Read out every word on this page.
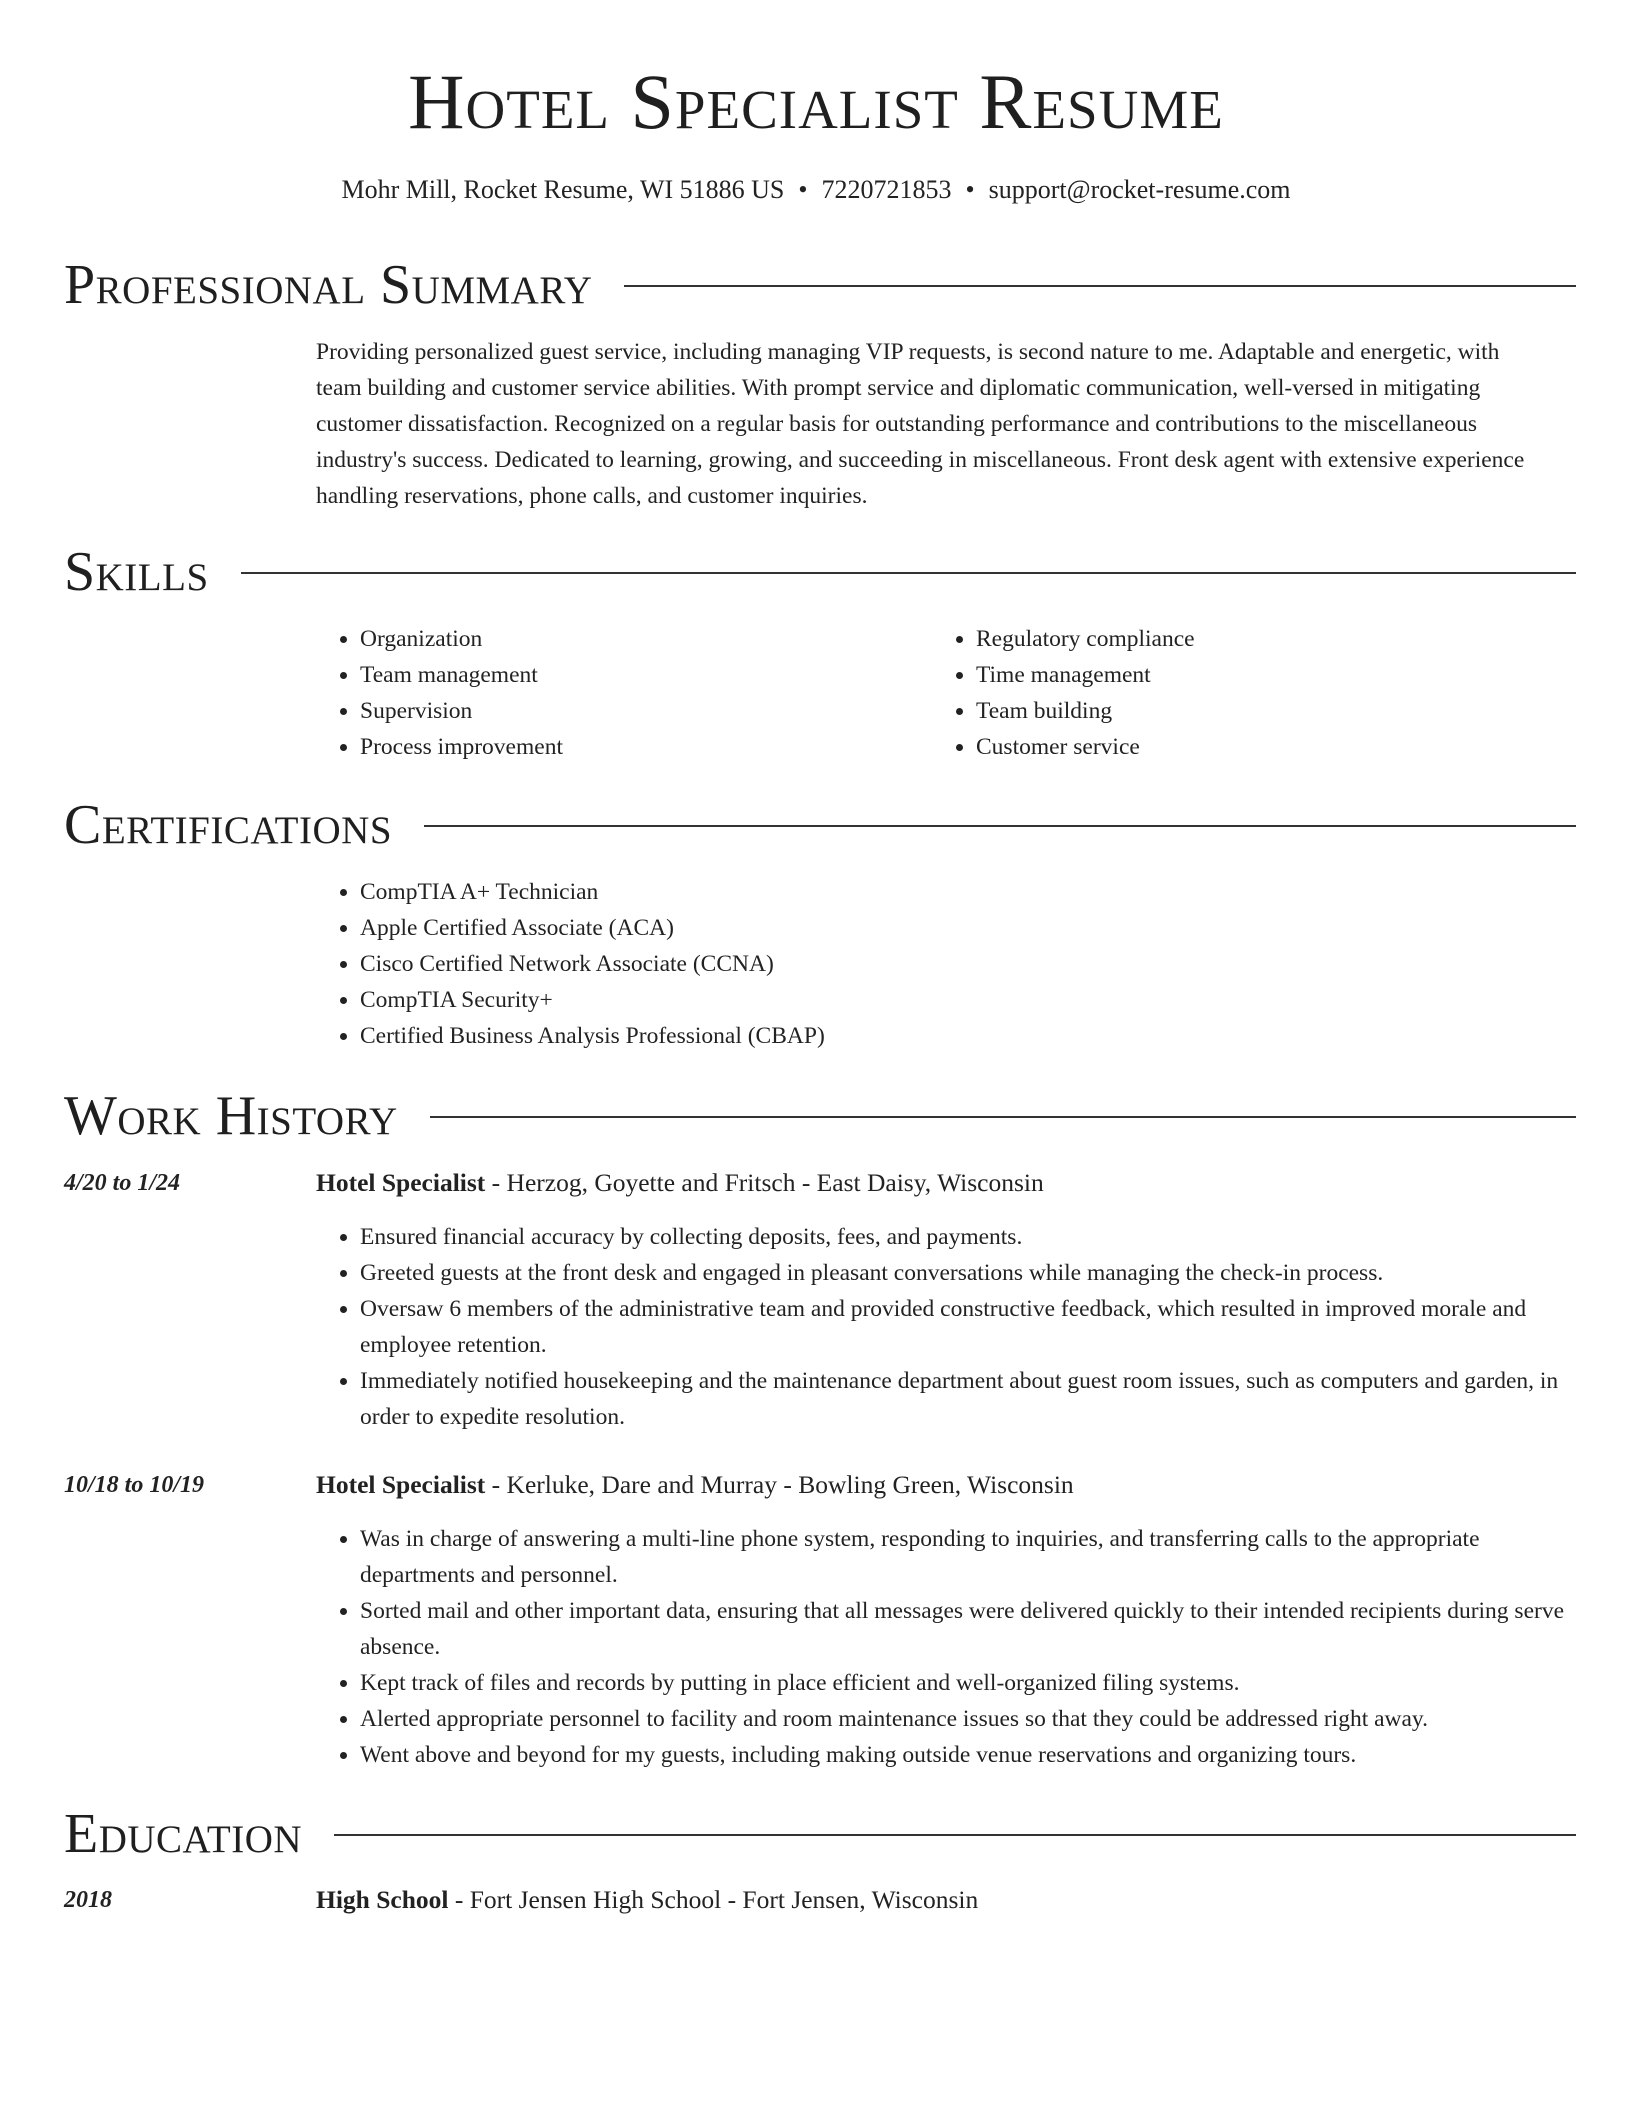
Hotel Specialist Resume
Mohr Mill, Rocket Resume, WI 51886 US • 7220721853 • support@rocket-resume.com
Professional Summary

Providing personalized guest service, including managing VIP requests, is second nature to me. Adaptable and energetic, with team building and customer service abilities. With prompt service and diplomatic communication, well-versed in mitigating customer dissatisfaction. Recognized on a regular basis for outstanding performance and contributions to the miscellaneous industry's success. Dedicated to learning, growing, and succeeding in miscellaneous. Front desk agent with extensive experience handling reservations, phone calls, and customer inquiries.

Skills
• Organization
• Team management
• Supervision
• Process improvement
• Regulatory compliance
• Time management
• Team building
• Customer service
Certifications
• CompTIA A+ Technician
• Apple Certified Associate (ACA)
• Cisco Certified Network Associate (CCNA)
• CompTIA Security+
• Certified Business Analysis Professional (CBAP)
Work History
4/20 to 1/24	Hotel Specialist - Herzog, Goyette and Fritsch - East Daisy, Wisconsin
• Ensured financial accuracy by collecting deposits, fees, and payments.
• Greeted guests at the front desk and engaged in pleasant conversations while managing the check-in process.
• Oversaw 6 members of the administrative team and provided constructive feedback, which resulted in improved morale and employee retention.
• Immediately notified housekeeping and the maintenance department about guest room issues, such as computers and garden, in order to expedite resolution.
10/18 to 10/19	Hotel Specialist - Kerluke, Dare and Murray - Bowling Green, Wisconsin
• Was in charge of answering a multi-line phone system, responding to inquiries, and transferring calls to the appropriate departments and personnel.
• Sorted mail and other important data, ensuring that all messages were delivered quickly to their intended recipients during serve absence.
• Kept track of files and records by putting in place efficient and well-organized filing systems.
• Alerted appropriate personnel to facility and room maintenance issues so that they could be addressed right away.
• Went above and beyond for my guests, including making outside venue reservations and organizing tours.
Education
2018	High School - Fort Jensen High School - Fort Jensen, Wisconsin
